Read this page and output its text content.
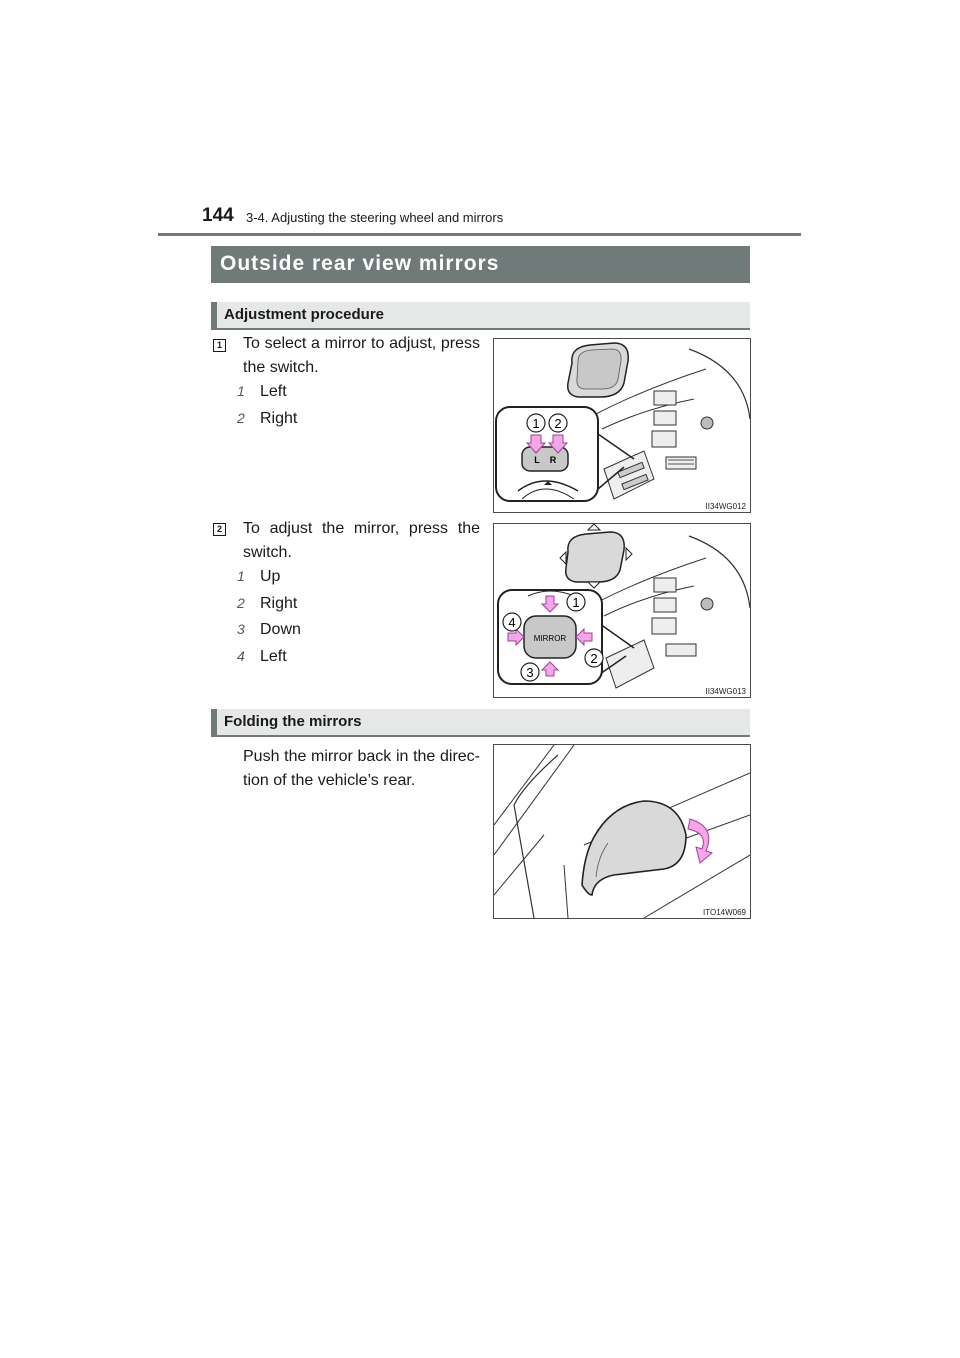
144 3-4. Adjusting the steering wheel and mirrors
Outside rear view mirrors
Adjustment procedure
1 To select a mirror to adjust, press the switch.
1 Left
2 Right	1 2
L R
II34WG012
2 To adjust the mirror, press the switch.
1 Up
2 Right
3 Down
4 Left
MIRROR
1
2
3
4
II34WG013
Folding the mirrors
Push the mirror back in the direc-tion of the vehicle’s rear.
ITO14W069
